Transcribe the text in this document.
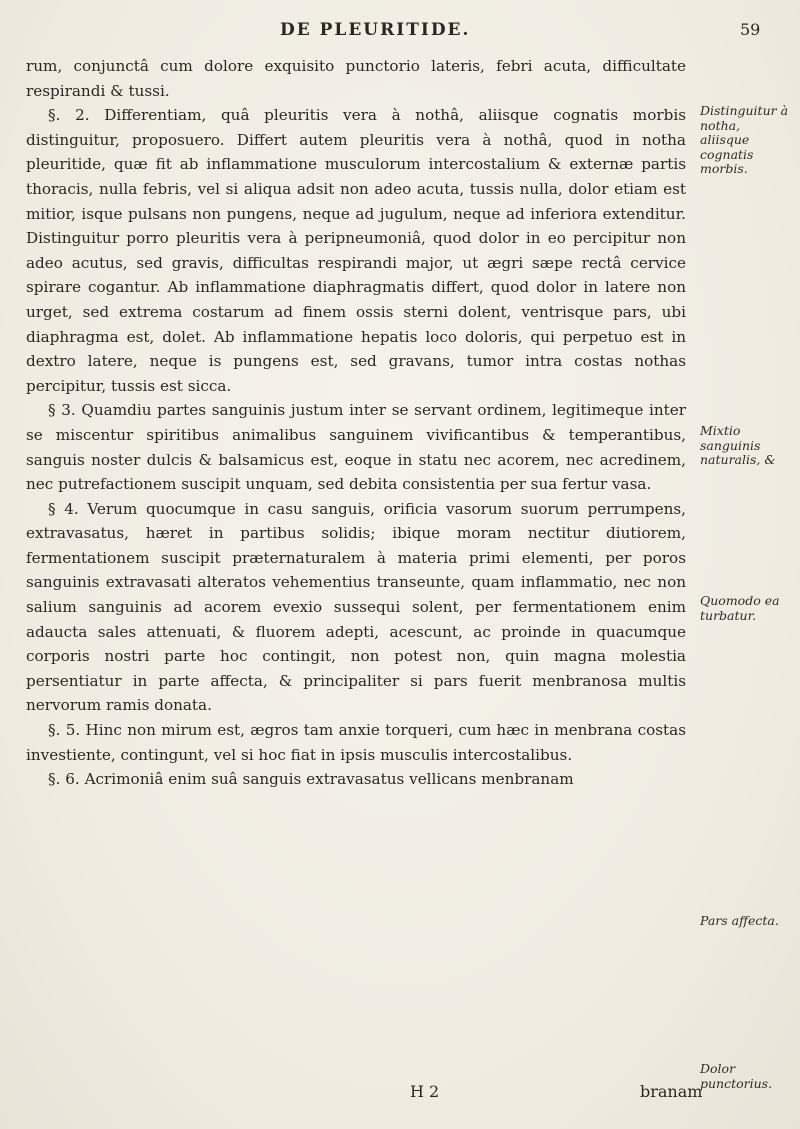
DE PLEURITIDE.	59

rum, conjunctâ cum dolore exquisito punctorio lateris, febri acuta, difficultate respirandi & tussi.

§. 2. Differentiam, quâ pleuritis vera à nothâ, aliisque cognatis morbis distinguitur, proposuero. Differt autem pleuritis vera à nothâ, quod in notha pleuritide, quæ fit ab inflammatione musculorum intercostalium & externæ partis thoracis, nulla febris, vel si aliqua adsit non adeo acuta, tussis nulla, dolor etiam est mitior, isque pulsans non pungens, neque ad jugulum, neque ad inferiora extenditur. Distinguitur porro pleuritis vera à peripneumoniâ, quod dolor in eo percipitur non adeo acutus, sed gravis, difficultas respirandi major, ut ægri sæpe rectâ cervice spirare cogantur. Ab inflammatione diaphragmatis differt, quod dolor in latere non urget, sed extrema costarum ad finem ossis sterni dolent, ventrisque pars, ubi diaphragma est, dolet. Ab inflammatione hepatis loco doloris, qui perpetuo est in dextro latere, neque is pungens est, sed gravans, tumor intra costas nothas percipitur, tussis est sicca.

§ 3. Quamdiu partes sanguinis justum inter se servant ordinem, legitimeque inter se miscentur spiritibus animalibus sanguinem vivificantibus & temperantibus, sanguis noster dulcis & balsamicus est, eoque in statu nec acorem, nec acredinem, nec putrefactionem suscipit unquam, sed debita consistentia per sua fertur vasa.

§ 4. Verum quocumque in casu sanguis, orificia vasorum suorum perrumpens, extravasatus, hæret in partibus solidis; ibique moram nectitur diutiorem, fermentationem suscipit præternaturalem à materia primi elementi, per poros sanguinis extravasati alteratos vehementius transeunte, quam inflammatio, nec non salium sanguinis ad acorem evexio sussequi solent, per fermentationem enim adaucta sales attenuati, & fluorem adepti, acescunt, ac proinde in quacumque corporis nostri parte hoc contingit, non potest non, quin magna molestia persentiatur in parte affecta, & principaliter si pars fuerit menbranosa multis nervorum ramis donata.

§. 5. Hinc non mirum est, ægros tam anxie torqueri, cum hæc in menbrana costas investiente, contingunt, vel si hoc fiat in ipsis musculis intercostalibus.

§. 6. Acrimoniâ enim suâ sanguis extravasatus vellicans menbranam

Distinguitur à notha, aliisque cognatis morbis.
Mixtio sanguinis naturalis, &
Quomodo ea turbatur.
Pars affecta.
Dolor punctorius.
H 2	branam
